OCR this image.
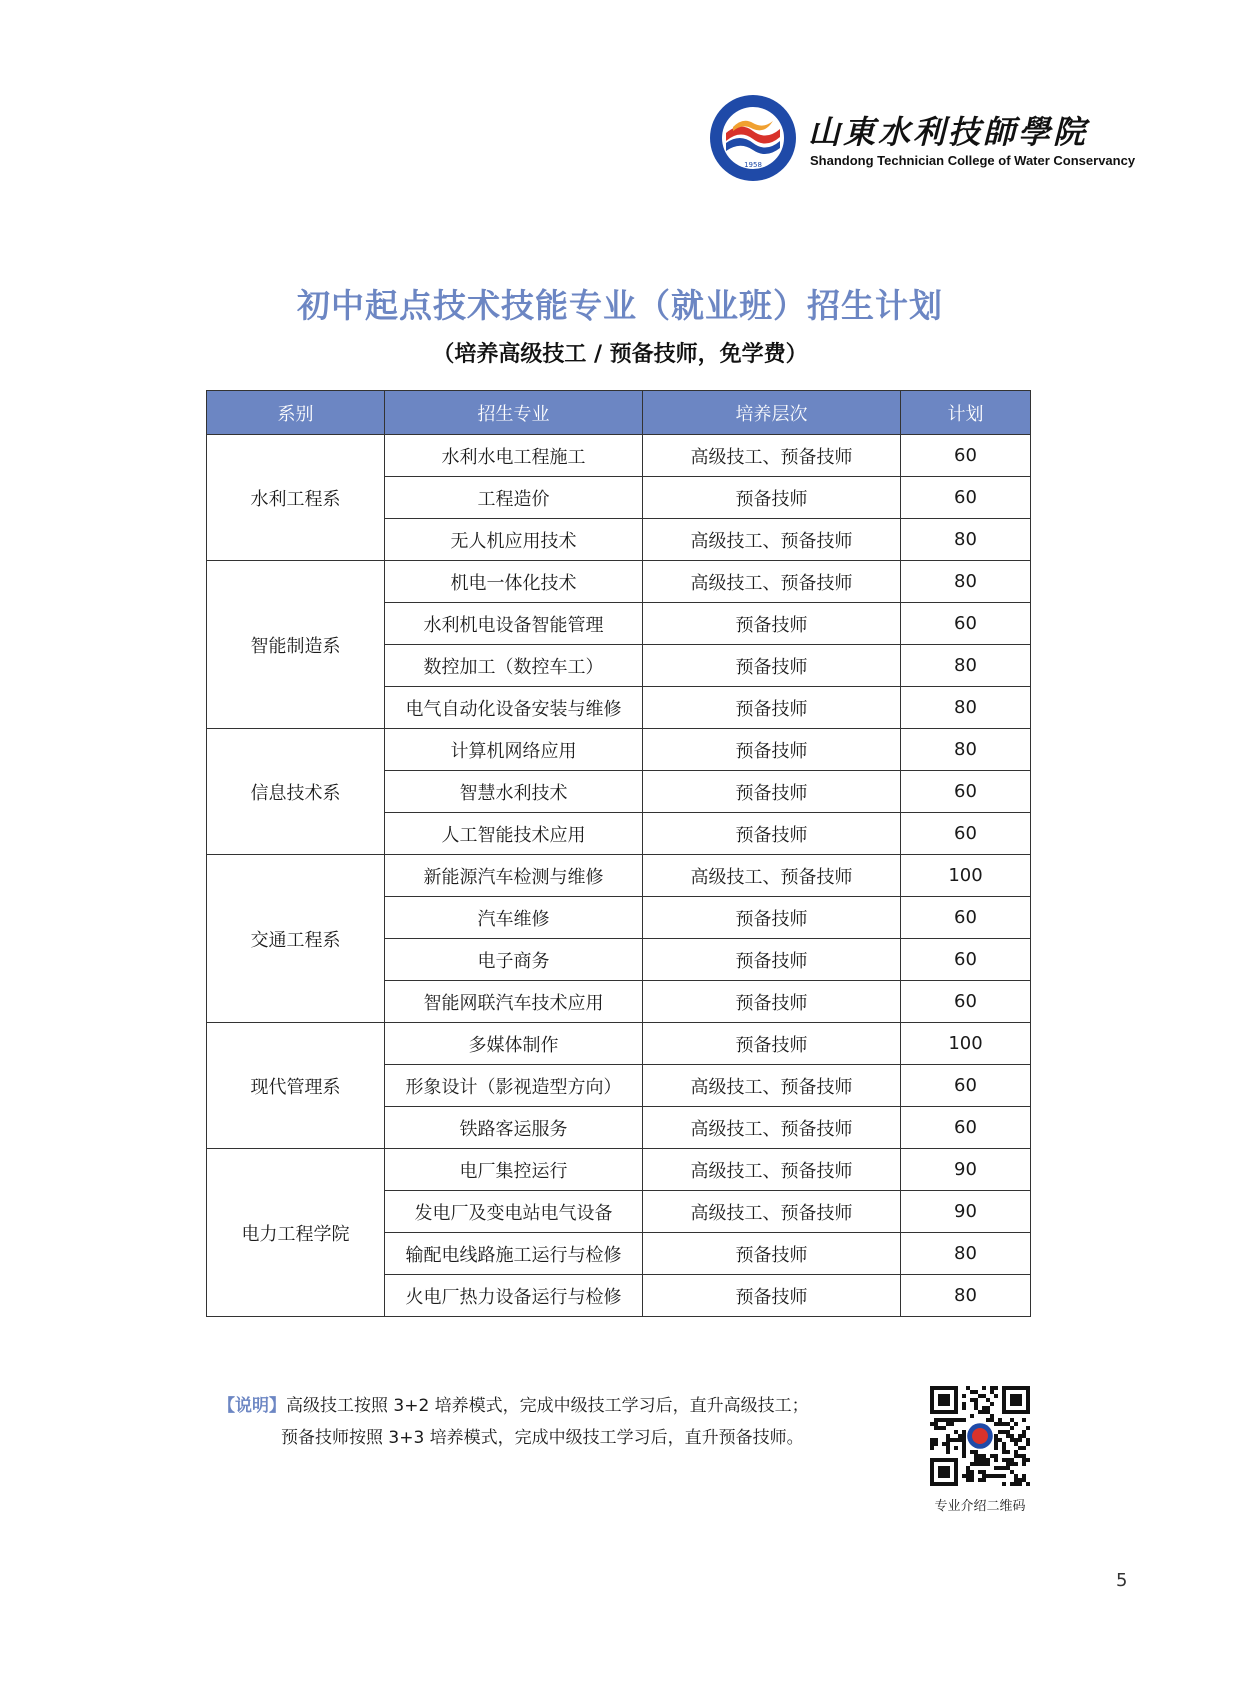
1958
山東水利技師學院
Shandong Technician College of Water Conservancy
初中起点技术技能专业（就业班）招生计划
（培养高级技工 / 预备技师，免学费）
系别	招生专业	培养层次	计划
水利工程系	水利水电工程施工	高级技工、预备技师	60
	工程造价	预备技师	60
	无人机应用技术	高级技工、预备技师	80
智能制造系	机电一体化技术	高级技工、预备技师	80
	水利机电设备智能管理	预备技师	60
	数控加工（数控车工）	预备技师	80
	电气自动化设备安装与维修	预备技师	80
信息技术系	计算机网络应用	预备技师	80
	智慧水利技术	预备技师	60
	人工智能技术应用	预备技师	60
交通工程系	新能源汽车检测与维修	高级技工、预备技师	100
	汽车维修	预备技师	60
	电子商务	预备技师	60
	智能网联汽车技术应用	预备技师	60
现代管理系	多媒体制作	预备技师	100
	形象设计（影视造型方向）	高级技工、预备技师	60
	铁路客运服务	高级技工、预备技师	60
电力工程学院	电厂集控运行	高级技工、预备技师	90
	发电厂及变电站电气设备	高级技工、预备技师	90
	输配电线路施工运行与检修	预备技师	80
	火电厂热力设备运行与检修	预备技师	80
【说明】高级技工按照 3+2 培养模式，完成中级技工学习后，直升高级技工；
预备技师按照 3+3 培养模式，完成中级技工学习后，直升预备技师。
专业介绍二维码
5
